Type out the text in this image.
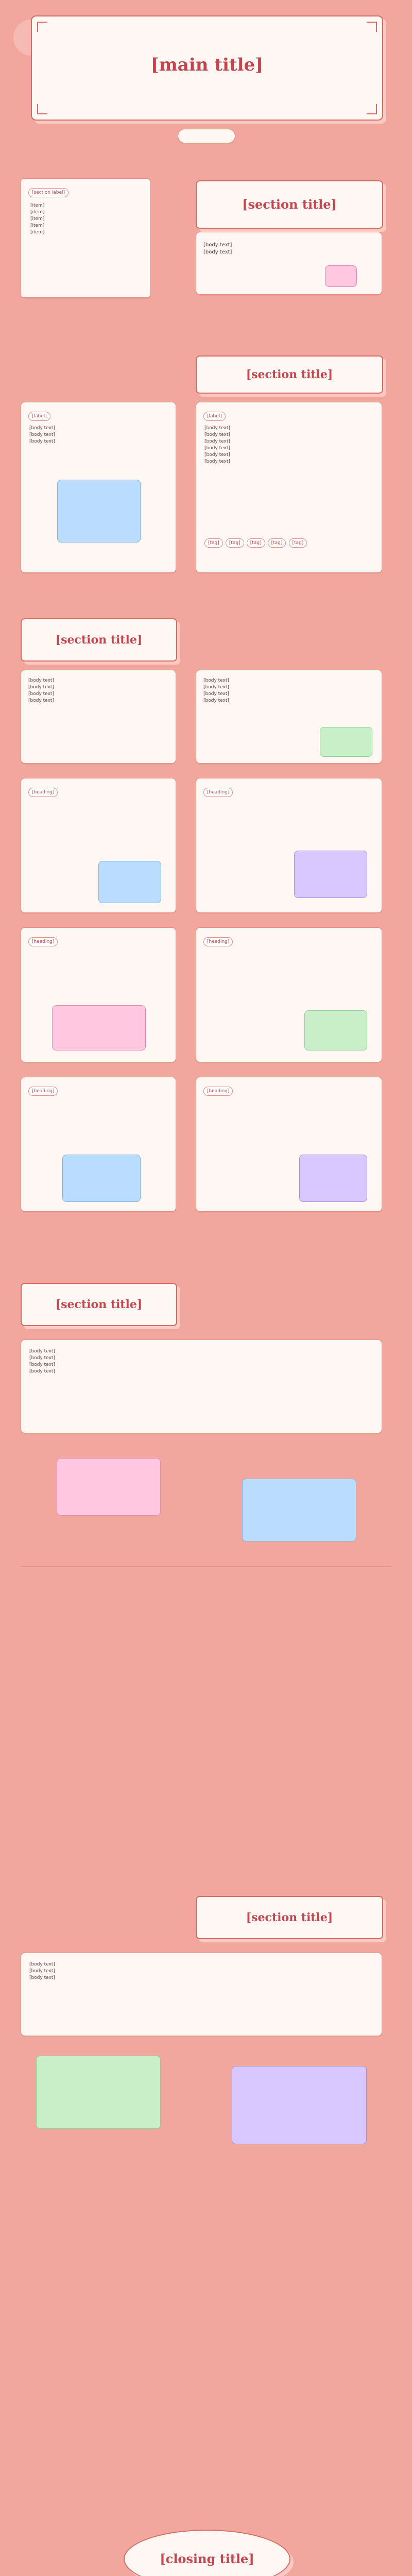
[main title]
[section label]
[item]
[item]
[item]
[item]
[item]
[section title]
[body text]
[body text]
[section title]
[label]
[body text]
[body text]
[body text]
[label]
[body text]
[body text]
[body text]
[body text]
[body text]
[body text]
[tag] [tag] [tag] [tag] [tag]
[section title]
[body text]
[body text]
[body text]
[body text]
[body text]
[body text]
[body text]
[body text]
[heading]	[heading]
[heading]	[heading]
[heading]	[heading]
[section title]
[body text]
[body text]
[body text]
[body text]
[section title]
[body text]
[body text]
[body text]
[closing title]
